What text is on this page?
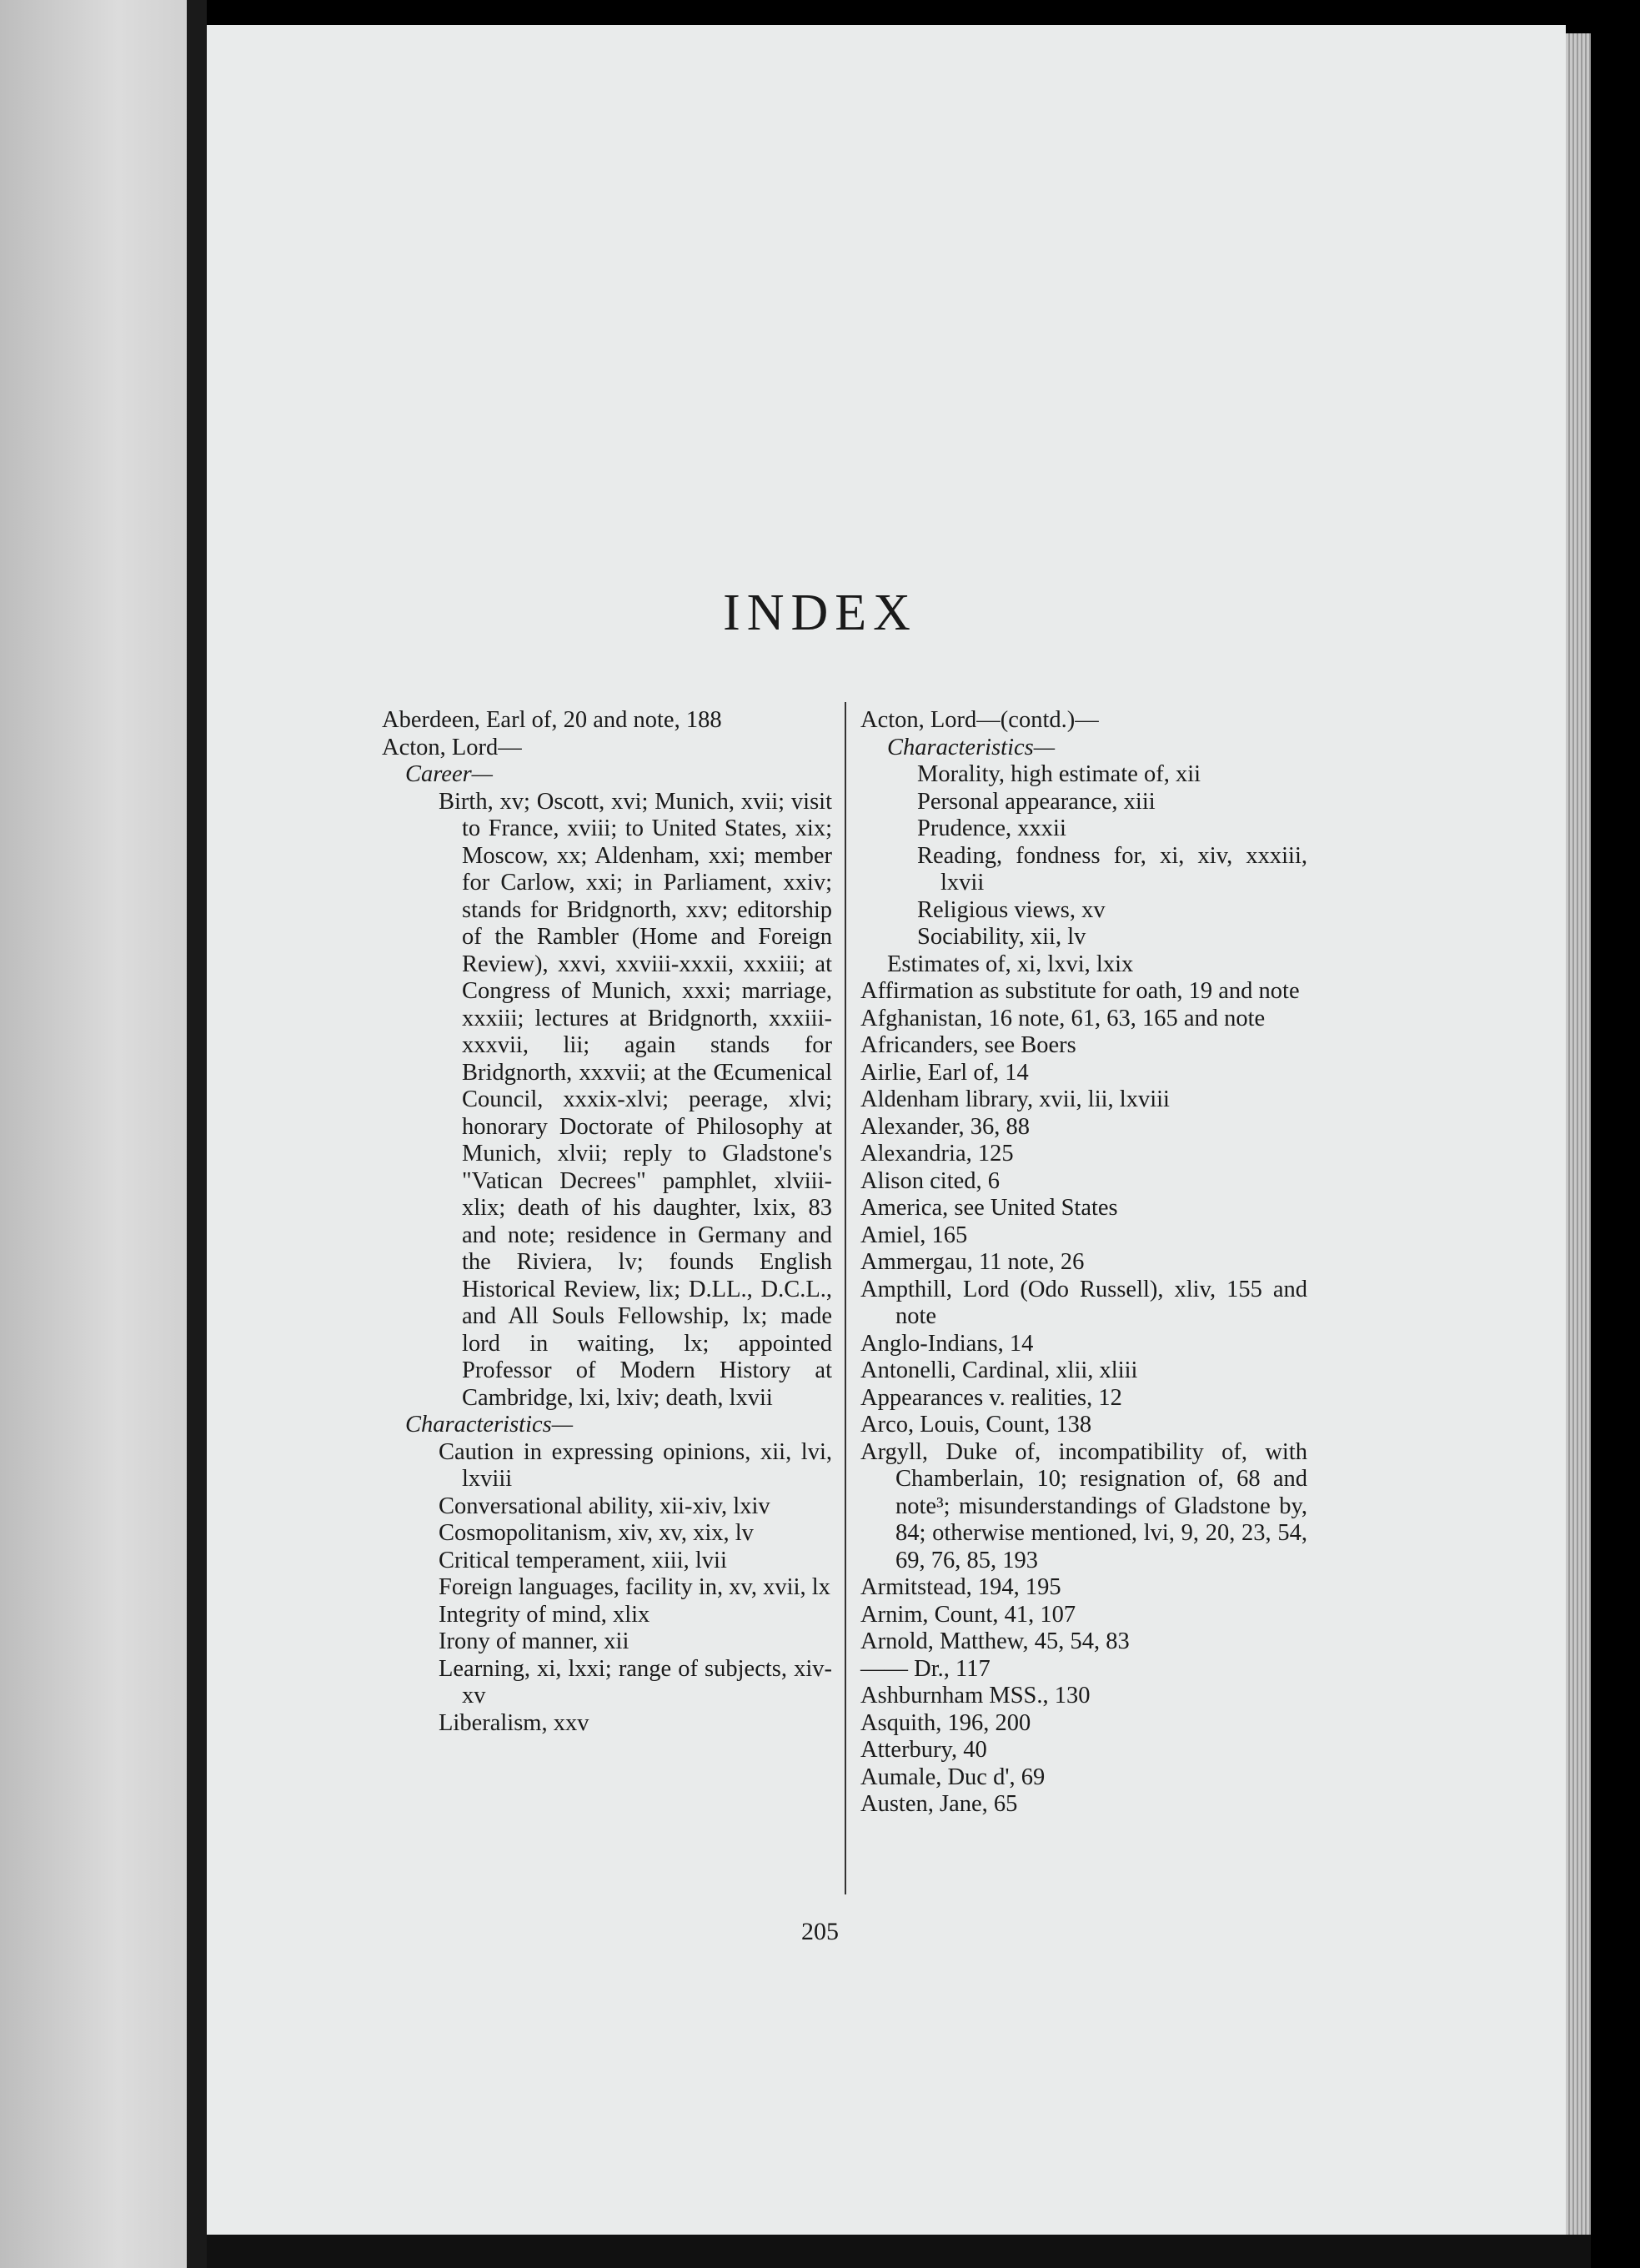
INDEX
Aberdeen, Earl of, 20 and note, 188
Acton, Lord—
Career—
Birth, xv; Oscott, xvi; Munich, xvii; visit to France, xviii; to United States, xix; Moscow, xx; Aldenham, xxi; member for Carlow, xxi; in Parliament, xxiv; stands for Bridgnorth, xxv; editorship of the Rambler (Home and Foreign Review), xxvi, xxviii-xxxii, xxxiii; at Congress of Munich, xxxi; marriage, xxxiii; lectures at Bridgnorth, xxxiii-xxxvii, lii; again stands for Bridgnorth, xxxvii; at the Œcumenical Council, xxxix-xlvi; peerage, xlvi; honorary Doctorate of Philosophy at Munich, xlvii; reply to Gladstone's "Vatican Decrees" pamphlet, xlviii-xlix; death of his daughter, lxix, 83 and note; residence in Germany and the Riviera, lv; founds English Historical Review, lix; D.LL., D.C.L., and All Souls Fellowship, lx; made lord in waiting, lx; appointed Professor of Modern History at Cambridge, lxi, lxiv; death, lxvii
Characteristics—
Caution in expressing opinions, xii, lvi, lxviii
Conversational ability, xii-xiv, lxiv
Cosmopolitanism, xiv, xv, xix, lv
Critical temperament, xiii, lvii
Foreign languages, facility in, xv, xvii, lx
Integrity of mind, xlix
Irony of manner, xii
Learning, xi, lxxi; range of subjects, xiv-xv
Liberalism, xxv
Acton, Lord—(contd.)—
Characteristics—
Morality, high estimate of, xii
Personal appearance, xiii
Prudence, xxxii
Reading, fondness for, xi, xiv, xxxiii, lxvii
Religious views, xv
Sociability, xii, lv
Estimates of, xi, lxvi, lxix
Affirmation as substitute for oath, 19 and note
Afghanistan, 16 note, 61, 63, 165 and note
Africanders, see Boers
Airlie, Earl of, 14
Aldenham library, xvii, lii, lxviii
Alexander, 36, 88
Alexandria, 125
Alison cited, 6
America, see United States
Amiel, 165
Ammergau, 11 note, 26
Ampthill, Lord (Odo Russell), xliv, 155 and note
Anglo-Indians, 14
Antonelli, Cardinal, xlii, xliii
Appearances v. realities, 12
Arco, Louis, Count, 138
Argyll, Duke of, incompatibility of, with Chamberlain, 10; resignation of, 68 and note³; misunderstandings of Gladstone by, 84; otherwise mentioned, lvi, 9, 20, 23, 54, 69, 76, 85, 193
Armitstead, 194, 195
Arnim, Count, 41, 107
Arnold, Matthew, 45, 54, 83
—— Dr., 117
Ashburnham MSS., 130
Asquith, 196, 200
Atterbury, 40
Aumale, Duc d', 69
Austen, Jane, 65
205
